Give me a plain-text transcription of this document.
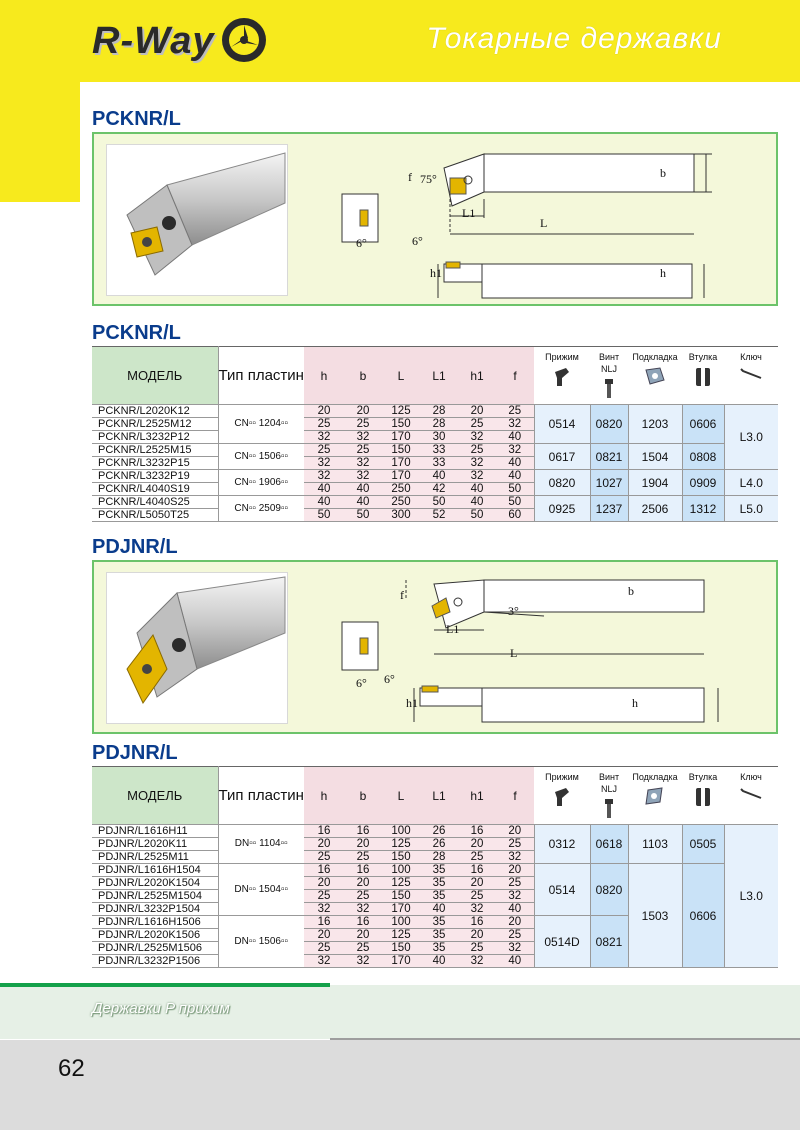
R-Way	Токарные державки
PCKNR/L
f 75°	b
L1
L
6°	6°
h1	h
PCKNR/L
МОДЕЛЬ	Тип пластин	h	b	L	L1	h1	f	Прижим	Винт NLJ	Подкладка	Втулка	Ключ

PCKNR/L2020K12	CN▫▫ 1204▫▫	20	20	125	28	20	25	0514	0820	1203	0606	L3.0
PCKNR/L2525M12		25	25	150	28	25	32					
PCKNR/L3232P12		32	32	170	30	32	40					
PCKNR/L2525M15	CN▫▫ 1506▫▫	25	25	150	33	25	32	0617	0821	1504	0808	
PCKNR/L3232P15		32	32	170	33	32	40					
PCKNR/L3232P19	CN▫▫ 1906▫▫	32	32	170	40	32	40	0820	1027	1904	0909	L4.0
PCKNR/L4040S19		40	40	250	42	40	50					
PCKNR/L4040S25	CN▫▫ 2509▫▫	40	40	250	50	40	50	0925	1237	2506	1312	L5.0
PCKNR/L5050T25		50	50	300	52	50	60					
PDJNR/L
f	b
3°
L1
L
6° 6°
h1	h
PDJNR/L
МОДЕЛЬ	Тип пластин	h	b	L	L1	h1	f	Прижим	Винт NLJ	Подкладка	Втулка	Ключ

PDJNR/L1616H11	DN▫▫ 1104▫▫	16	16	100	26	16	20	0312	0618	1103	0505	L3.0
PDJNR/L2020K11		20	20	125	26	20	25					
PDJNR/L2525M11		25	25	150	28	25	32					
PDJNR/L1616H1504	DN▫▫ 1504▫▫	16	16	100	35	16	20	0514	0820	1503	0606	
PDJNR/L2020K1504		20	20	125	35	20	25					
PDJNR/L2525M1504		25	25	150	35	25	32					
PDJNR/L3232P1504		32	32	170	40	32	40					
PDJNR/L1616H1506	DN▫▫ 1506▫▫	16	16	100	35	16	20	0514D	0821			
PDJNR/L2020K1506		20	20	125	35	20	25					
PDJNR/L2525M1506		25	25	150	35	25	32					
PDJNR/L3232P1506		32	32	170	40	32	40					
Державки P прихим
62
